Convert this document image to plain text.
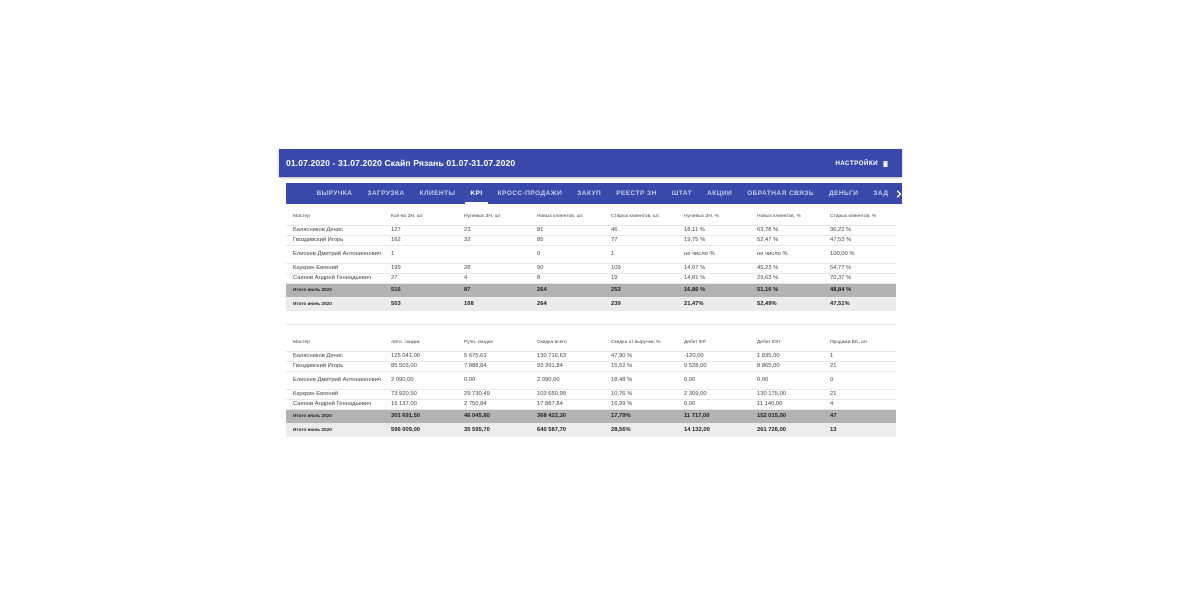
01.07.2020 - 31.07.2020 Скайп Рязань 01.07-31.07.2020	НАСТРОЙКИ
ВЫРУЧКА	ЗАГРУЗКА	КЛИЕНТЫ	KPI	КРОСС-ПРОДАЖИ	ЗАКУП	РЕЕСТР ЗН	ШТАТ	АКЦИИ	ОБРАТНАЯ СВЯЗЬ	ДЕНЬГИ	ЗАД
Мастер	Кол-во ЗН, шт	Нулевых ЗН, шт	Новых клиентов, шт.	Старых клиентов, шт.	Нулевых ЗН, %	Новых клиентов, %	Старых клиентов, %
Балясников Денис	127	23	81	46	18,11 %	63,78 %	36,22 %
Гвоздивский Игорь	162	32	85	77	19,75 %	52,47 %	47,53 %
Елисеев Дмитрий Антонионович	1		0	1	не число %	не число %	100,00 %
Каукрин Евгений	199	28	90	109	14,07 %	45,23 %	54,77 %
Саянов Андрей Геннадьевич	27	4	8	19	14,81 %	29,63 %	70,37 %
Итого июль 2020	516	87	264	252	16,86 %	51,16 %	48,84 %
Итого июнь 2020	503	108	264	239	21,47%	52,49%	47,51%
Мастер	Авто. скидка	Ручн. скидка	Скидка всего	Скидка от выручки, %	Дебет ФЛ	Дебет ЮЛ	Продажи ВС, шт
Балясников Денис	125 041,00	5 675,63	130 716,63	47,90 %	-120,00	1 835,00	1
Гвоздивский Игорь	85 503,00	7 888,84	93 391,84	15,52 %	9 528,00	8 865,00	21
Елисеев Дмитрий Антонионович	2 090,00	0,00	2 090,00	18,48 %	0,00	0,00	0
Каукрин Евгений	73 920,50	29 730,49	103 650,99	10,76 %	2 309,00	130 175,00	21
Саянов Андрей Геннадьевич	15 137,00	2 750,84	17 887,84	16,99 %	0,00	11 140,00	4
Итого июль 2020	301 691,50	46 045,80	368 422,30	17,79%	11 717,00	152 015,00	47
Итого июнь 2020	596 009,00	35 595,70	640 587,70	28,56%	14 132,00	261 726,00	13
